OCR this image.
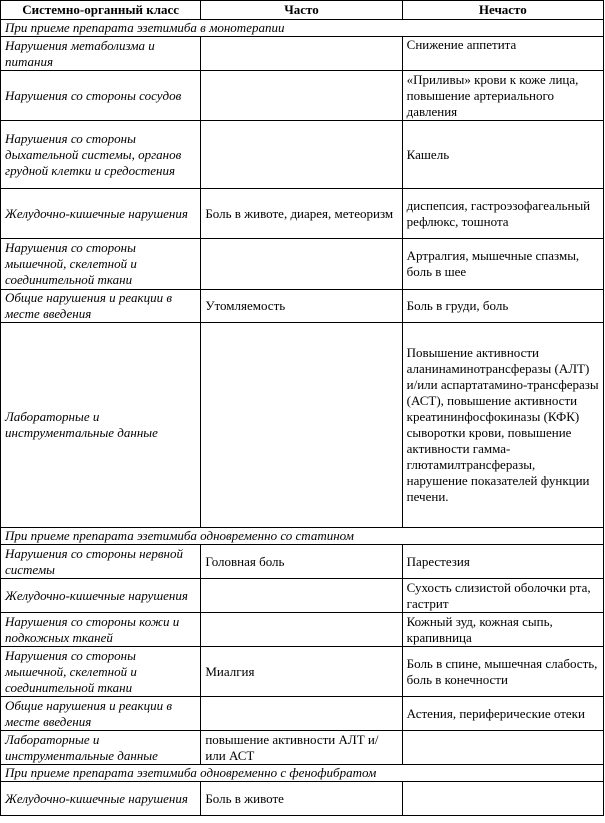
Системно-органный класс	Часто	Нечасто
При приеме препарата эзетимиба в монотерапии		
Нарушения метаболизма и питания		Снижение аппетита
Нарушения со стороны сосудов		«Приливы» крови к коже лица, повышение артериального давления
Нарушения со стороны дыхательной системы, органов грудной клетки и средостения		Кашель
Желудочно-кишечные нарушения	Боль в животе, диарея, метеоризм	диспепсия, гастроэзофагеальный рефлюкс, тошнота
Нарушения со стороны мышечной, скелетной и соединительной ткани		Артралгия, мышечные спазмы, боль в шее
Общие нарушения и реакции в месте введения	Утомляемость	Боль в груди, боль
Лабораторные и инструментальные данные		Повышение активности аланинаминотрансферазы (АЛТ) и/или аспартатамино-трансферазы (АСТ), повышение активности креатининфосфокиназы (КФК) сыворотки крови, повышение активности гамма-глютамилтрансферазы, нарушение показателей функции печени.
При приеме препарата эзетимиба одновременно со статином		
Нарушения со стороны нервной системы	Головная боль	Парестезия
Желудочно-кишечные нарушения		Сухость слизистой оболочки рта, гастрит
Нарушения со стороны кожи и подкожных тканей		Кожный зуд, кожная сыпь, крапивница
Нарушения со стороны мышечной, скелетной и соединительной ткани	Миалгия	Боль в спине, мышечная слабость, боль в конечности
Общие нарушения и реакции в месте введения		Астения, периферические отеки
Лабораторные и инструментальные данные	повышение активности АЛТ и/или АСТ	
При приеме препарата эзетимиба одновременно с фенофибратом		
Желудочно-кишечные нарушения	Боль в животе	
